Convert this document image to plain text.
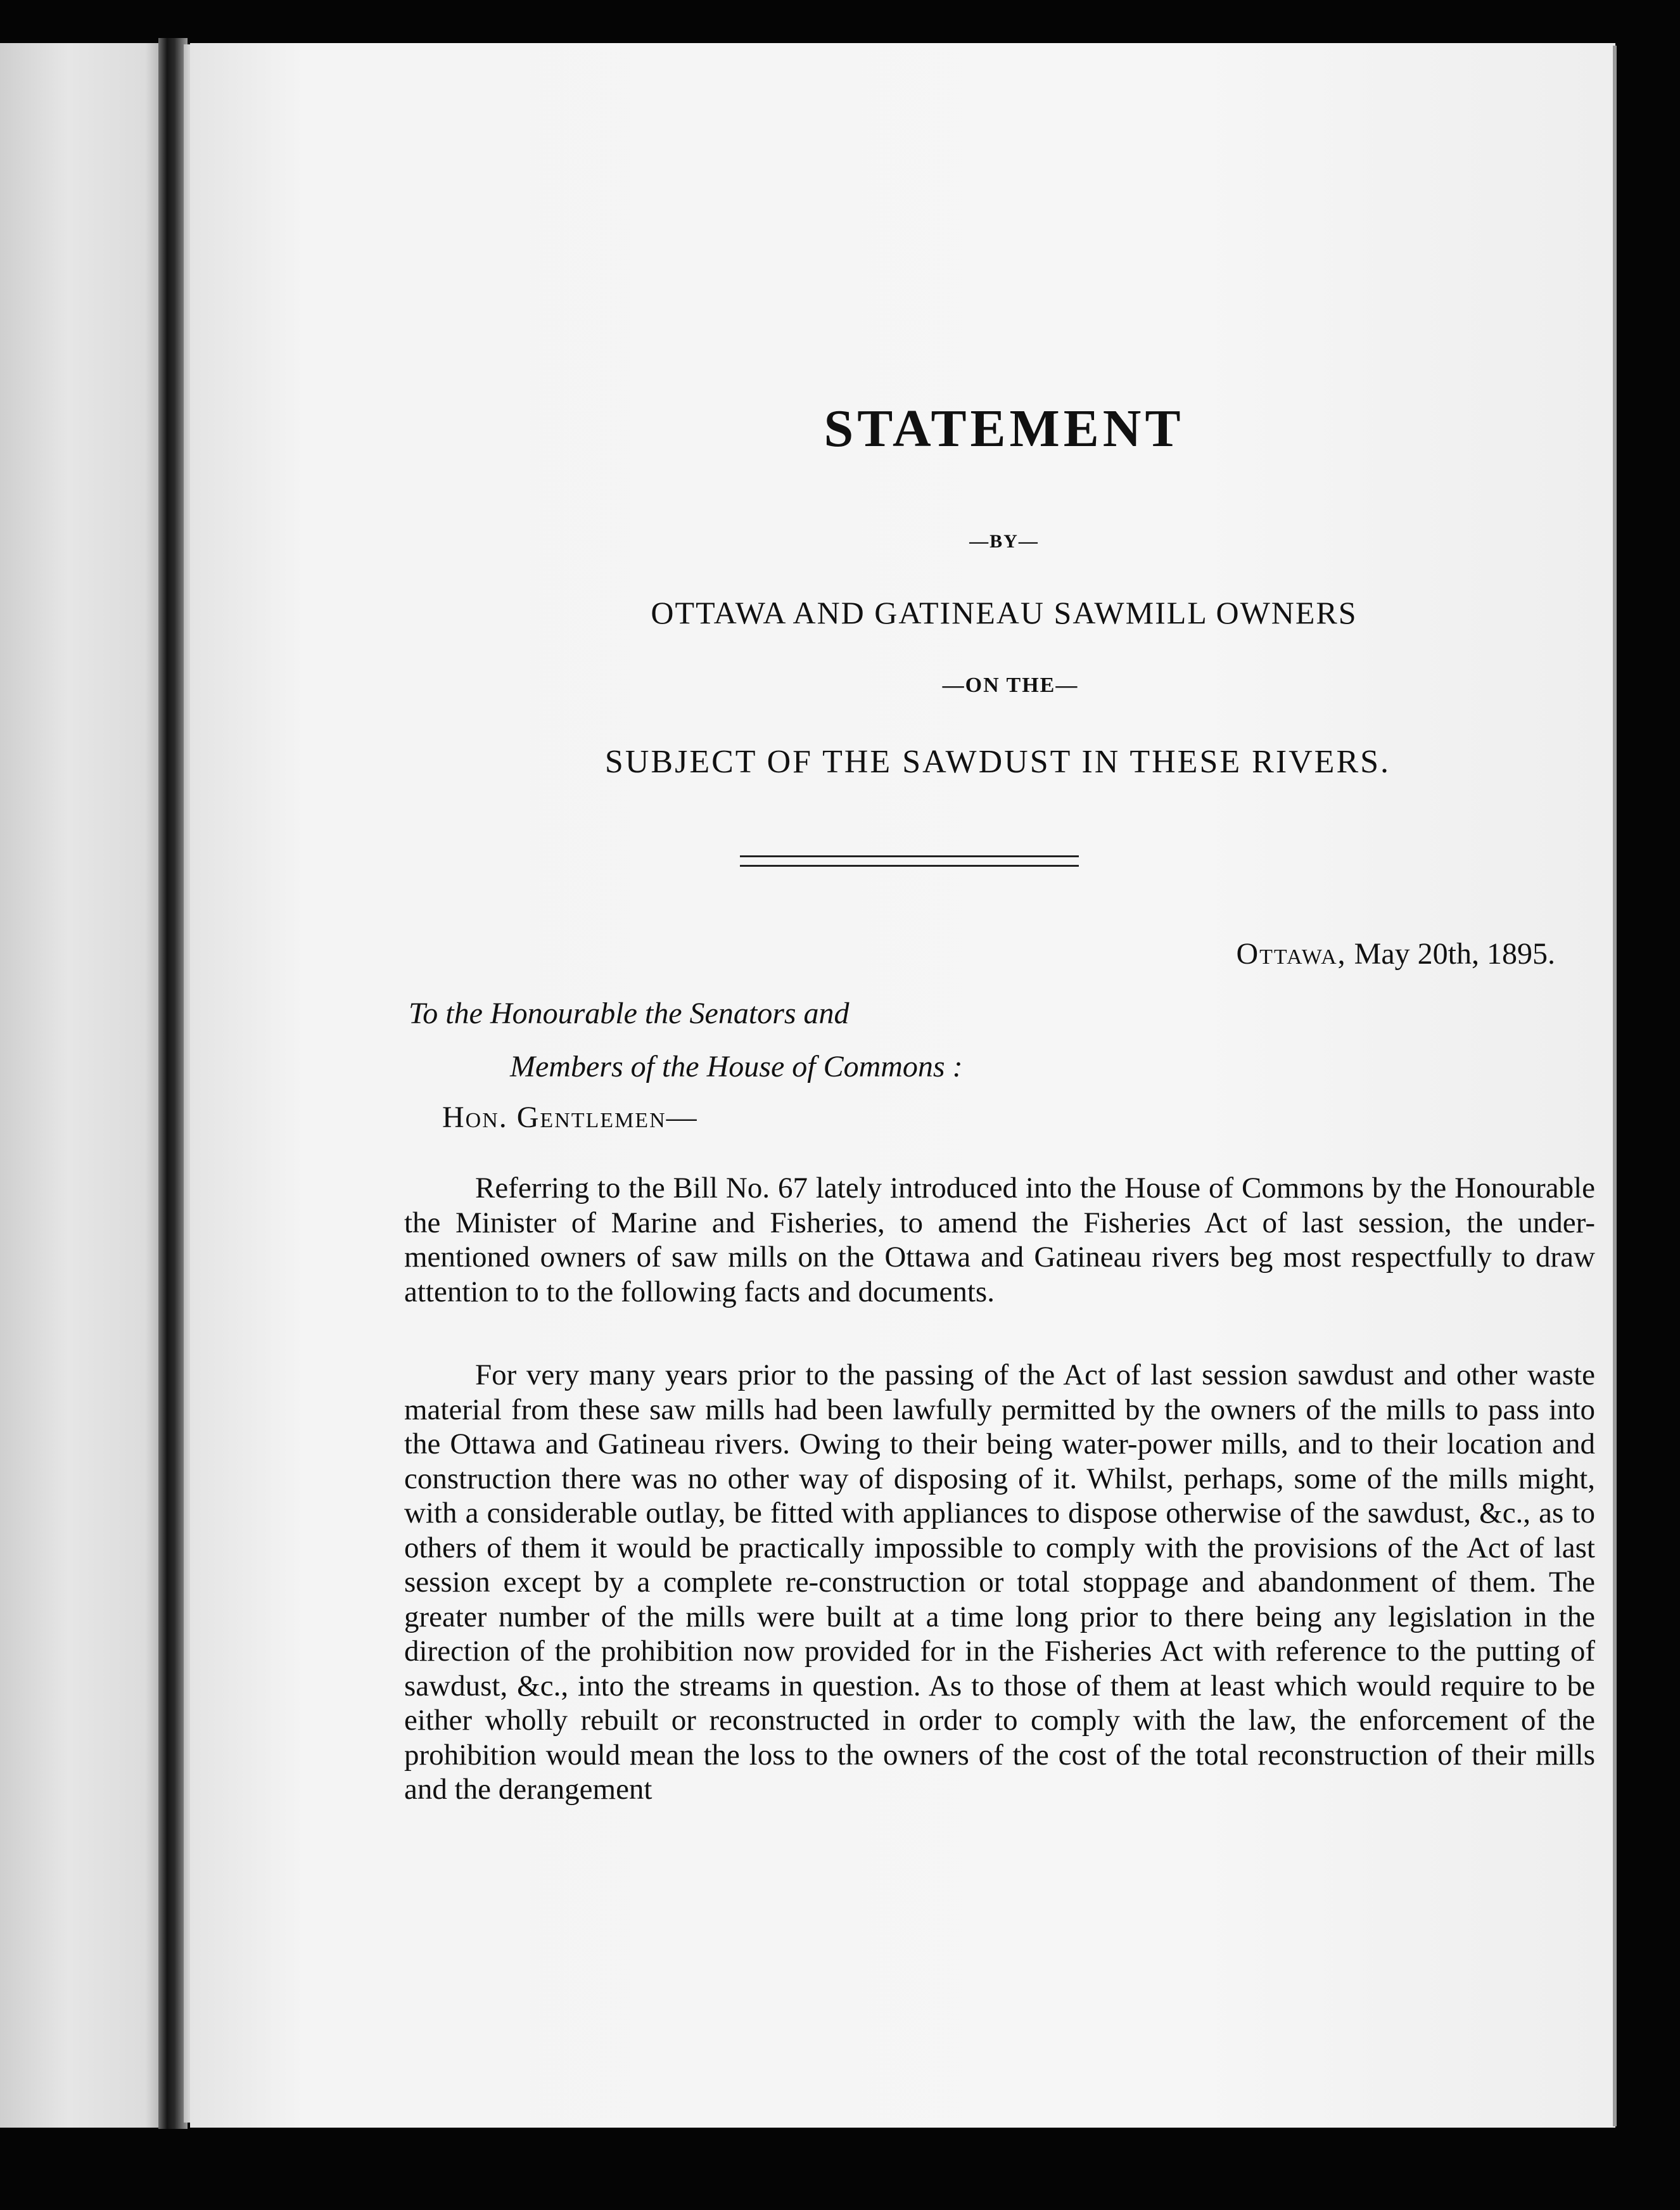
STATEMENT
—BY—
OTTAWA AND GATINEAU SAWMILL OWNERS
—ON THE—
SUBJECT OF THE SAWDUST IN THESE RIVERS.
Ottawa, May 20th, 1895.
To the Honourable the Senators and
Members of the House of Commons :
Hon. Gentlemen—

Referring to the Bill No. 67 lately introduced into the House of Commons by the Honourable the Minister of Marine and Fisheries, to amend the Fisheries Act of last session, the under-mentioned owners of saw mills on the Ottawa and Gatineau rivers beg most respectfully to draw attention to to the following facts and documents.

For very many years prior to the passing of the Act of last session sawdust and other waste material from these saw mills had been lawfully permitted by the owners of the mills to pass into the Ottawa and Gatineau rivers. Owing to their being water-power mills, and to their location and construction there was no other way of disposing of it. Whilst, perhaps, some of the mills might, with a considerable outlay, be fitted with appliances to dispose otherwise of the sawdust, &c., as to others of them it would be practically impossible to comply with the provisions of the Act of last session except by a complete re-construction or total stoppage and abandonment of them. The greater number of the mills were built at a time long prior to there being any legislation in the direction of the prohibition now provided for in the Fisheries Act with reference to the putting of sawdust, &c., into the streams in question. As to those of them at least which would require to be either wholly rebuilt or reconstructed in order to comply with the law, the enforcement of the prohibition would mean the loss to the owners of the cost of the total reconstruction of their mills and the derangement
